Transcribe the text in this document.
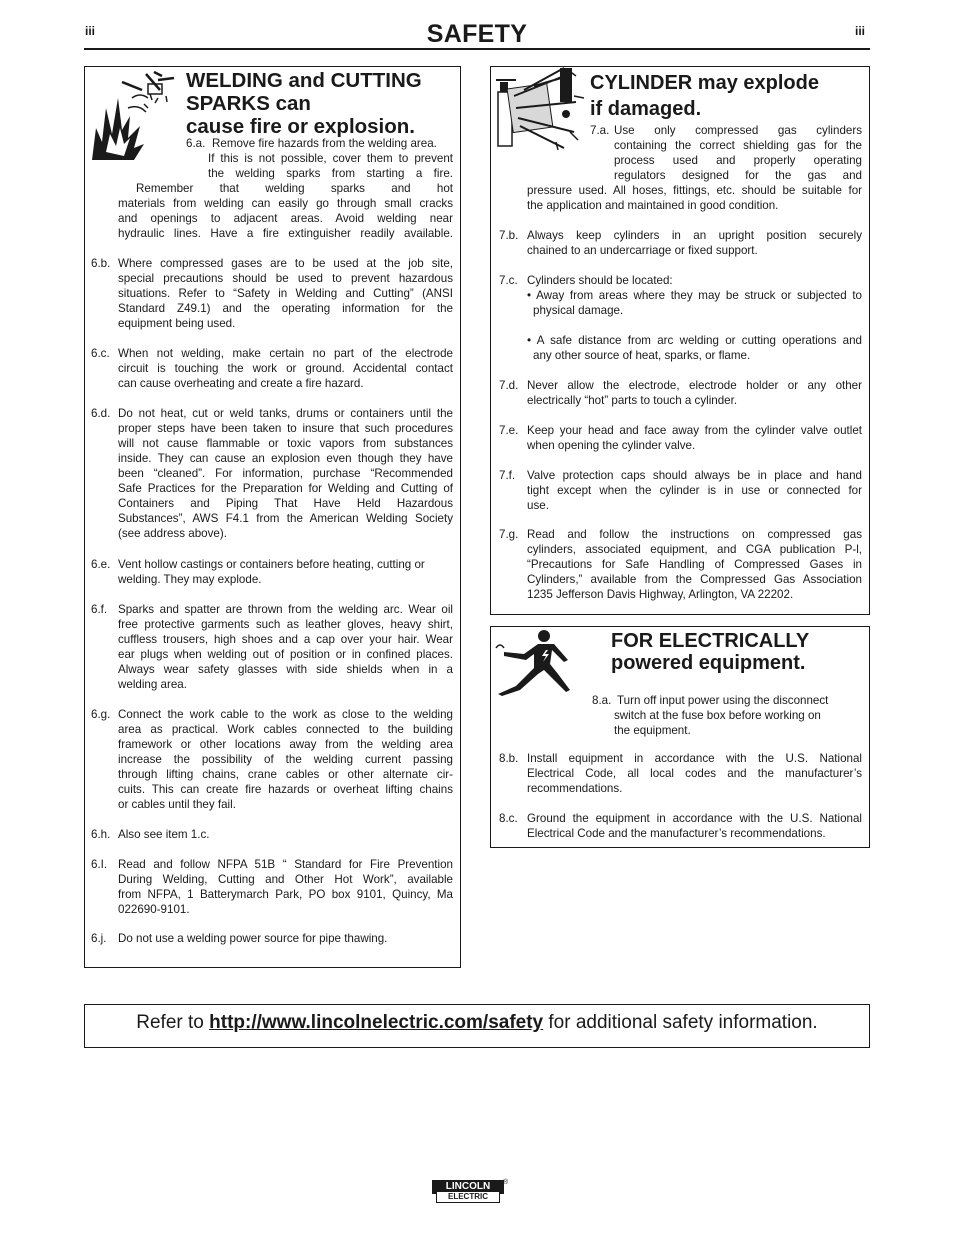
iii	SAFETY	iii
WELDING and CUTTING
SPARKS can
cause fire or explosion.
6.a. Remove fire hazards from the welding area.
If this is not possible, cover them to prevent
the welding sparks from starting a fire.
Remember that welding sparks and hot
materials from welding can easily go through small cracks
and openings to adjacent areas. Avoid welding near
hydraulic lines. Have a fire extinguisher readily available.
6.b. Where compressed gases are to be used at the job site,
special precautions should be used to prevent hazardous
situations. Refer to “Safety in Welding and Cutting” (ANSI
Standard Z49.1) and the operating information for the
equipment being used.
6.c. When not welding, make certain no part of the electrode
circuit is touching the work or ground. Accidental contact
can cause overheating and create a fire hazard.
6.d. Do not heat, cut or weld tanks, drums or containers until the
proper steps have been taken to insure that such procedures
will not cause flammable or toxic vapors from substances
inside. They can cause an explosion even though they have
been “cleaned”. For information, purchase “Recommended
Safe Practices for the Preparation for Welding and Cutting of
Containers and Piping That Have Held Hazardous
Substances”, AWS F4.1 from the American Welding Society
(see address above).
6.e. Vent hollow castings or containers before heating, cutting or
welding. They may explode.
6.f. Sparks and spatter are thrown from the welding arc. Wear oil
free protective garments such as leather gloves, heavy shirt,
cuffless trousers, high shoes and a cap over your hair. Wear
ear plugs when welding out of position or in confined places.
Always wear safety glasses with side shields when in a
welding area.
6.g. Connect the work cable to the work as close to the welding
area as practical. Work cables connected to the building
framework or other locations away from the welding area
increase the possibility of the welding current passing
through lifting chains, crane cables or other alternate cir-
cuits. This can create fire hazards or overheat lifting chains
or cables until they fail.
6.h. Also see item 1.c.
6.I. Read and follow NFPA 51B “ Standard for Fire Prevention
During Welding, Cutting and Other Hot Work”, available
from NFPA, 1 Batterymarch Park, PO box 9101, Quincy, Ma
022690-9101.
6.j. Do not use a welding power source for pipe thawing.
CYLINDER may explode
if damaged.
7.a. Use only compressed gas cylinders
containing the correct shielding gas for the
process used and properly operating
regulators designed for the gas and
pressure used. All hoses, fittings, etc. should be suitable for
the application and maintained in good condition.
7.b. Always keep cylinders in an upright position securely
chained to an undercarriage or fixed support.
7.c. Cylinders should be located:
• Away from areas where they may be struck or subjected to
physical damage.
• A safe distance from arc welding or cutting operations and
any other source of heat, sparks, or flame.
7.d. Never allow the electrode, electrode holder or any other
electrically “hot” parts to touch a cylinder.
7.e. Keep your head and face away from the cylinder valve outlet
when opening the cylinder valve.
7.f. Valve protection caps should always be in place and hand
tight except when the cylinder is in use or connected for
use.
7.g. Read and follow the instructions on compressed gas
cylinders, associated equipment, and CGA publication P-l,
“Precautions for Safe Handling of Compressed Gases in
Cylinders,” available from the Compressed Gas Association
1235 Jefferson Davis Highway, Arlington, VA 22202.
FOR ELECTRICALLY
powered equipment.
8.a. Turn off input power using the disconnect
switch at the fuse box before working on
the equipment.
8.b. Install equipment in accordance with the U.S. National
Electrical Code, all local codes and the manufacturer’s
recommendations.
8.c. Ground the equipment in accordance with the U.S. National
Electrical Code and the manufacturer’s recommendations.
Refer to http://www.lincolnelectric.com/safety for additional safety information.
LINCOLN
ELECTRIC
®
